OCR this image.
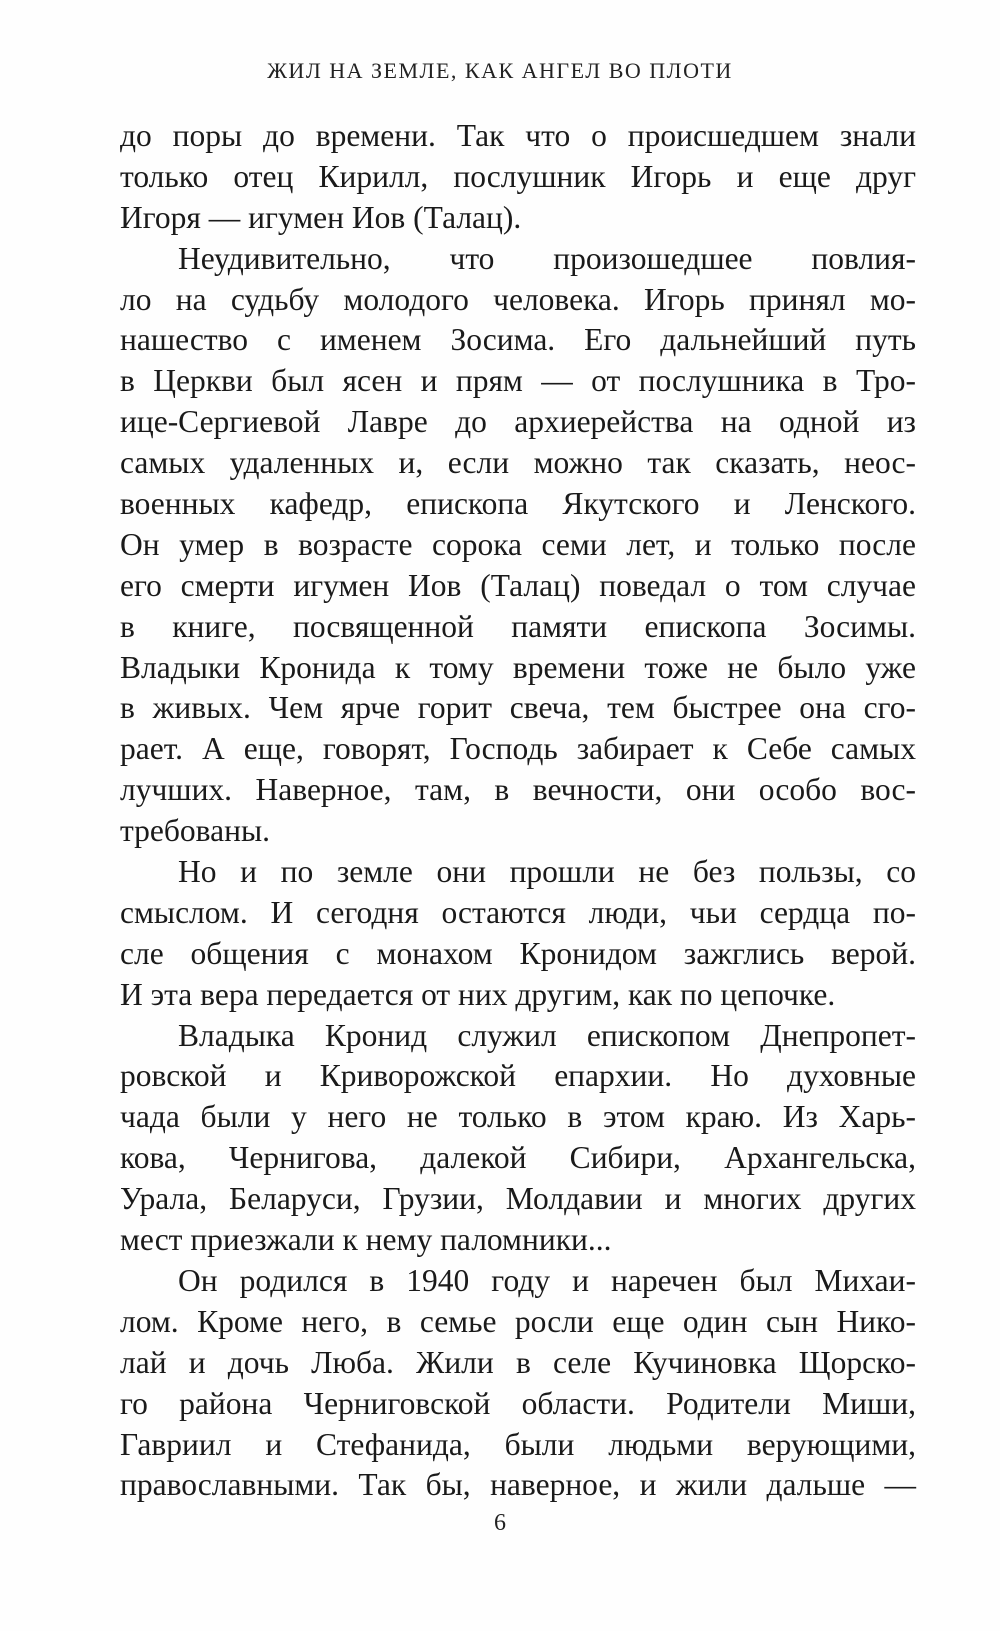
ЖИЛ НА ЗЕМЛЕ, КАК АНГЕЛ ВО ПЛОТИ
до поры до времени. Так что о происшедшем знали
только отец Кирилл, послушник Игорь и еще друг
Игоря — игумен Иов (Талац).
Неудивительно, что произошедшее повлия-
ло на судьбу молодого человека. Игорь принял мо-
нашество с именем Зосима. Его дальнейший путь
в Церкви был ясен и прям — от послушника в Тро-
ице-Сергиевой Лавре до архиерейства на одной из
самых удаленных и, если можно так сказать, неос-
военных кафедр, епископа Якутского и Ленского.
Он умер в возрасте сорока семи лет, и только после
его смерти игумен Иов (Талац) поведал о том случае
в книге, посвященной памяти епископа Зосимы.
Владыки Кронида к тому времени тоже не было уже
в живых. Чем ярче горит свеча, тем быстрее она сго-
рает. А еще, говорят, Господь забирает к Себе самых
лучших. Наверное, там, в вечности, они особо вос-
требованы.
Но и по земле они прошли не без пользы, со
смыслом. И сегодня остаются люди, чьи сердца по-
сле общения с монахом Кронидом зажглись верой.
И эта вера передается от них другим, как по цепочке.
Владыка Кронид служил епископом Днепропет-
ровской и Криворожской епархии. Но духовные
чада были у него не только в этом краю. Из Харь-
кова, Чернигова, далекой Сибири, Архангельска,
Урала, Беларуси, Грузии, Молдавии и многих других
мест приезжали к нему паломники...
Он родился в 1940 году и наречен был Михаи-
лом. Кроме него, в семье росли еще один сын Нико-
лай и дочь Люба. Жили в селе Кучиновка Щорско-
го района Черниговской области. Родители Миши,
Гавриил и Стефанида, были людьми верующими,
православными. Так бы, наверное, и жили дальше —
6
